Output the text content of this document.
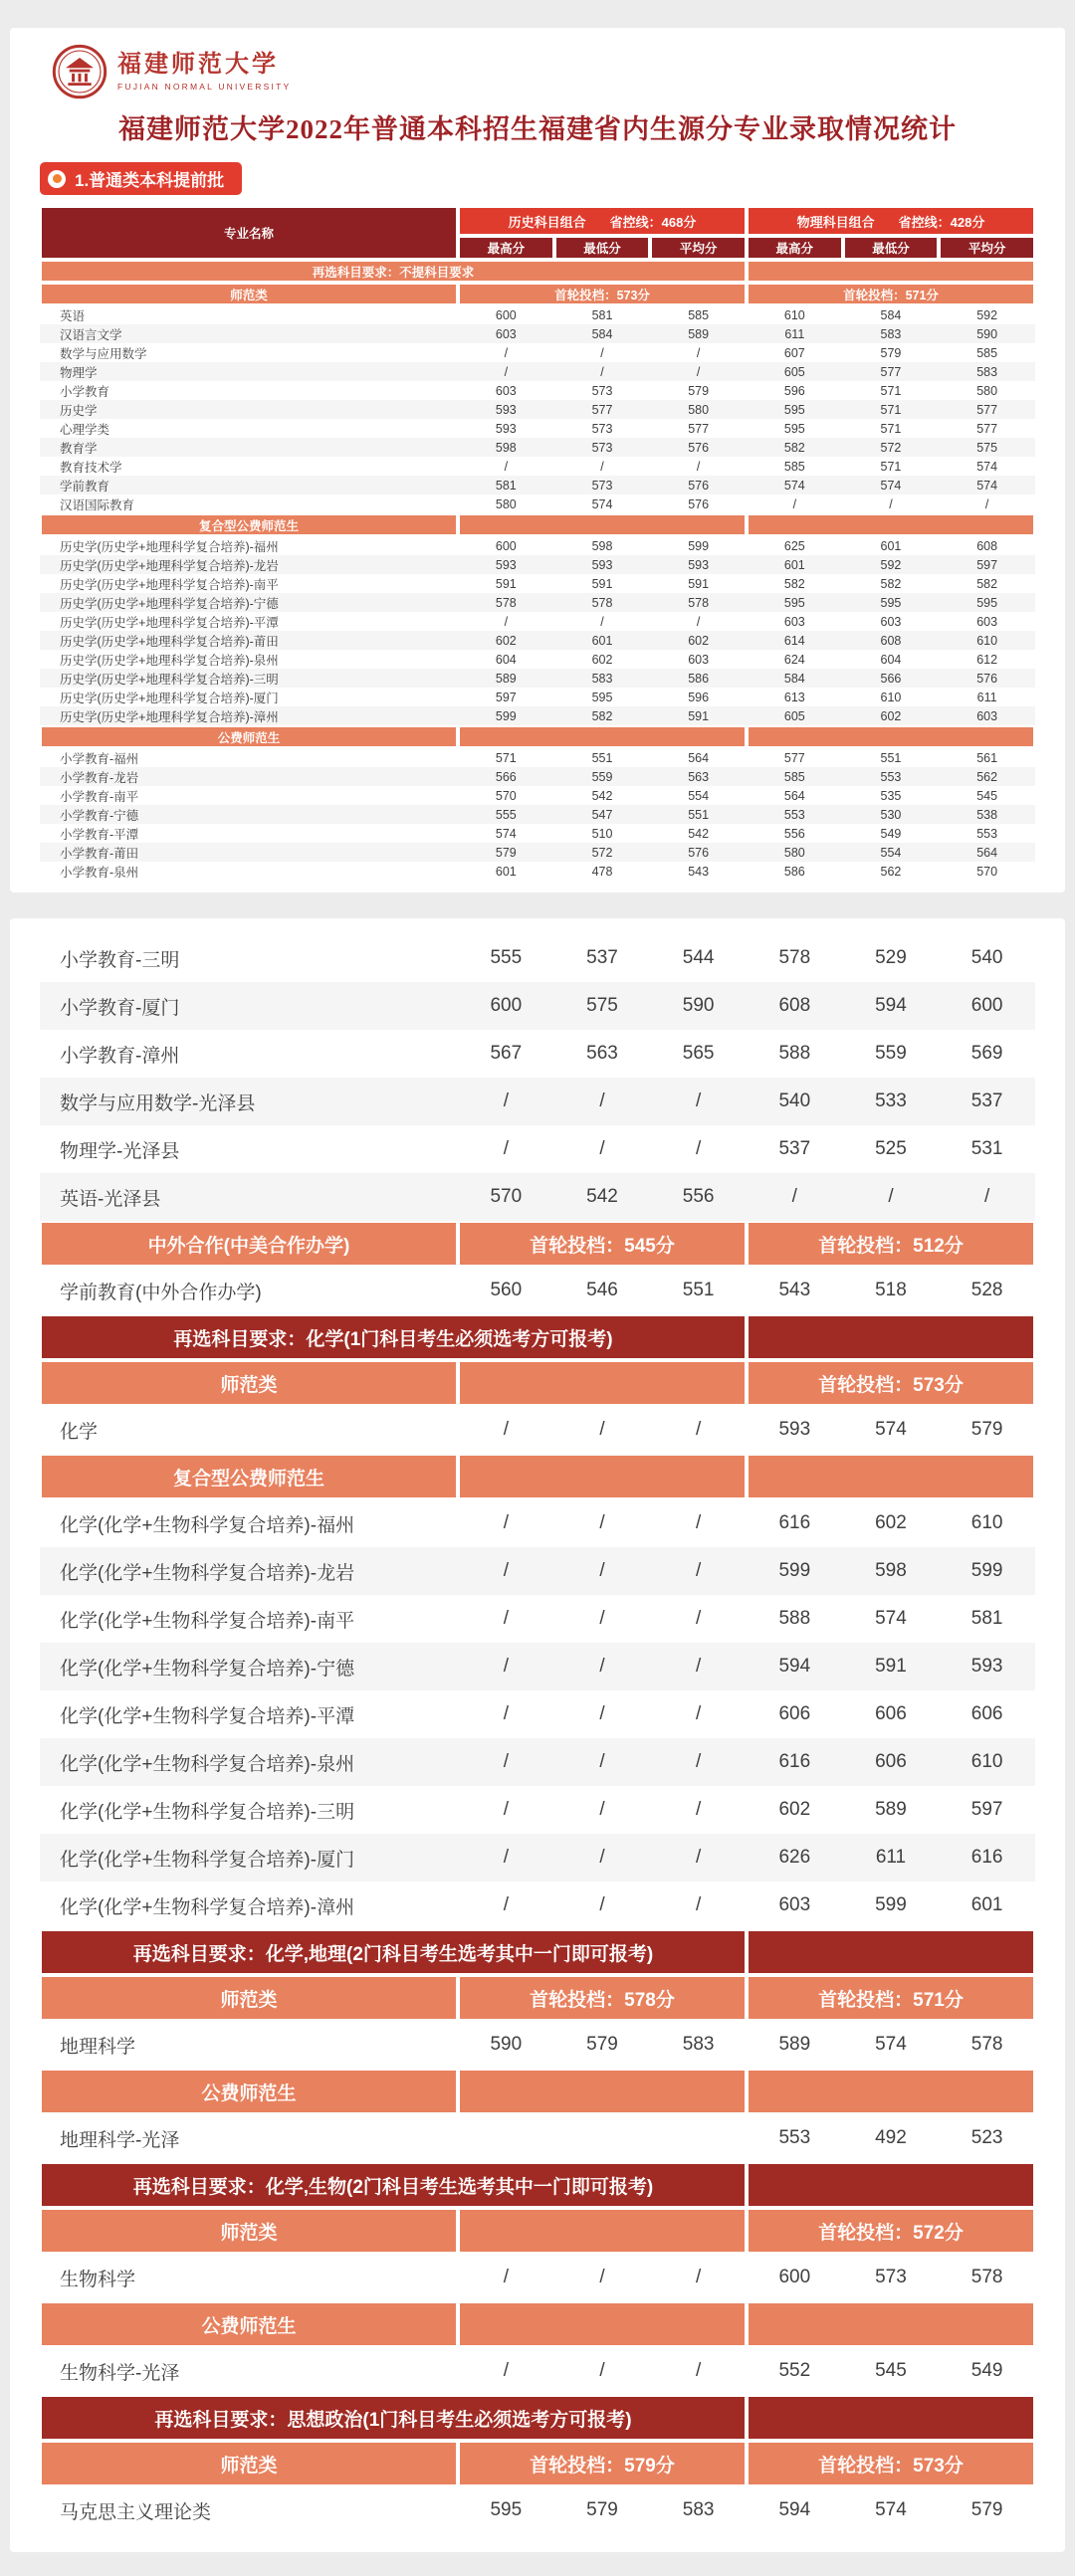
福建师范大学
FUJIAN NORMAL UNIVERSITY
福建师范大学2022年普通本科招生福建省内生源分专业录取情况统计
1.普通类本科提前批
专业名称	历史科目组合 省控线：468分			物理科目组合 省控线：428分		
	最高分	最低分	平均分	最高分	最低分	平均分
再选科目要求：不提科目要求						
师范类	首轮投档：573分			首轮投档：571分		
英语	600	581	585	610	584	592
汉语言文学	603	584	589	611	583	590
数学与应用数学	/	/	/	607	579	585
物理学	/	/	/	605	577	583
小学教育	603	573	579	596	571	580
历史学	593	577	580	595	571	577
心理学类	593	573	577	595	571	577
教育学	598	573	576	582	572	575
教育技术学	/	/	/	585	571	574
学前教育	581	573	576	574	574	574
汉语国际教育	580	574	576	/	/	/
复合型公费师范生						
历史学(历史学+地理科学复合培养)-福州	600	598	599	625	601	608
历史学(历史学+地理科学复合培养)-龙岩	593	593	593	601	592	597
历史学(历史学+地理科学复合培养)-南平	591	591	591	582	582	582
历史学(历史学+地理科学复合培养)-宁德	578	578	578	595	595	595
历史学(历史学+地理科学复合培养)-平潭	/	/	/	603	603	603
历史学(历史学+地理科学复合培养)-莆田	602	601	602	614	608	610
历史学(历史学+地理科学复合培养)-泉州	604	602	603	624	604	612
历史学(历史学+地理科学复合培养)-三明	589	583	586	584	566	576
历史学(历史学+地理科学复合培养)-厦门	597	595	596	613	610	611
历史学(历史学+地理科学复合培养)-漳州	599	582	591	605	602	603
公费师范生						
小学教育-福州	571	551	564	577	551	561
小学教育-龙岩	566	559	563	585	553	562
小学教育-南平	570	542	554	564	535	545
小学教育-宁德	555	547	551	553	530	538
小学教育-平潭	574	510	542	556	549	553
小学教育-莆田	579	572	576	580	554	564
小学教育-泉州	601	478	543	586	562	570
小学教育-三明	555	537	544	578	529	540
小学教育-厦门	600	575	590	608	594	600
小学教育-漳州	567	563	565	588	559	569
数学与应用数学-光泽县	/	/	/	540	533	537
物理学-光泽县	/	/	/	537	525	531
英语-光泽县	570	542	556	/	/	/
中外合作(中美合作办学)	首轮投档：545分			首轮投档：512分		
学前教育(中外合作办学)	560	546	551	543	518	528
再选科目要求：化学(1门科目考生必须选考方可报考)						
师范类				首轮投档：573分		
化学	/	/	/	593	574	579
复合型公费师范生						
化学(化学+生物科学复合培养)-福州	/	/	/	616	602	610
化学(化学+生物科学复合培养)-龙岩	/	/	/	599	598	599
化学(化学+生物科学复合培养)-南平	/	/	/	588	574	581
化学(化学+生物科学复合培养)-宁德	/	/	/	594	591	593
化学(化学+生物科学复合培养)-平潭	/	/	/	606	606	606
化学(化学+生物科学复合培养)-泉州	/	/	/	616	606	610
化学(化学+生物科学复合培养)-三明	/	/	/	602	589	597
化学(化学+生物科学复合培养)-厦门	/	/	/	626	611	616
化学(化学+生物科学复合培养)-漳州	/	/	/	603	599	601
再选科目要求：化学,地理(2门科目考生选考其中一门即可报考)						
师范类	首轮投档：578分			首轮投档：571分		
地理科学	590	579	583	589	574	578
公费师范生						
地理科学-光泽				553	492	523
再选科目要求：化学,生物(2门科目考生选考其中一门即可报考)						
师范类				首轮投档：572分		
生物科学	/	/	/	600	573	578
公费师范生						
生物科学-光泽	/	/	/	552	545	549
再选科目要求：思想政治(1门科目考生必须选考方可报考)						
师范类	首轮投档：579分			首轮投档：573分		
马克思主义理论类	595	579	583	594	574	579
